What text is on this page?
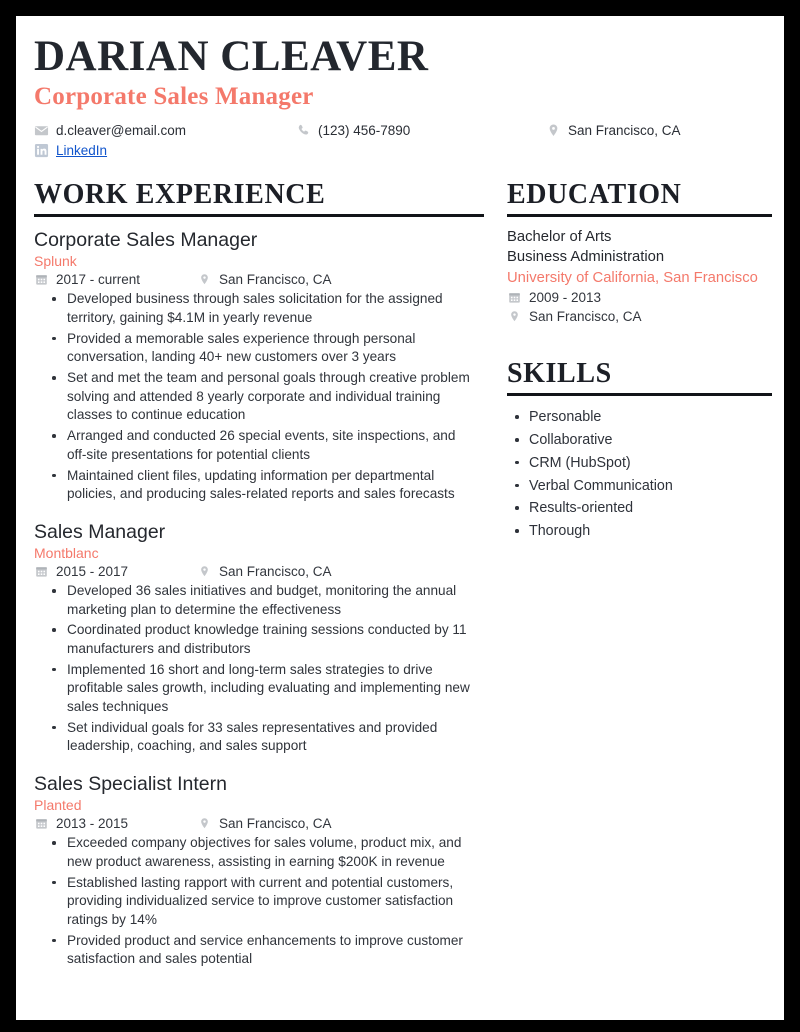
DARIAN CLEAVER
Corporate Sales Manager
d.cleaver@email.com	(123) 456-7890	San Francisco, CA
LinkedIn
WORK EXPERIENCE
Corporate Sales Manager
Splunk
2017 - current	San Francisco, CA
Developed business through sales solicitation for the assigned territory, gaining $4.1M in yearly revenue
Provided a memorable sales experience through personal conversation, landing 40+ new customers over 3 years
Set and met the team and personal goals through creative problem solving and attended 8 yearly corporate and individual training classes to continue education
Arranged and conducted 26 special events, site inspections, and off-site presentations for potential clients
Maintained client files, updating information per departmental policies, and producing sales-related reports and sales forecasts
Sales Manager
Montblanc
2015 - 2017	San Francisco, CA
Developed 36 sales initiatives and budget, monitoring the annual marketing plan to determine the effectiveness
Coordinated product knowledge training sessions conducted by 11 manufacturers and distributors
Implemented 16 short and long-term sales strategies to drive profitable sales growth, including evaluating and implementing new sales techniques
Set individual goals for 33 sales representatives and provided leadership, coaching, and sales support
Sales Specialist Intern
Planted
2013 - 2015	San Francisco, CA
Exceeded company objectives for sales volume, product mix, and new product awareness, assisting in earning $200K in revenue
Established lasting rapport with current and potential customers, providing individualized service to improve customer satisfaction ratings by 14%
Provided product and service enhancements to improve customer satisfaction and sales potential
EDUCATION
Bachelor of Arts
Business Administration
University of California, San Francisco
2009 - 2013
San Francisco, CA
SKILLS
Personable
Collaborative
CRM (HubSpot)
Verbal Communication
Results-oriented
Thorough
